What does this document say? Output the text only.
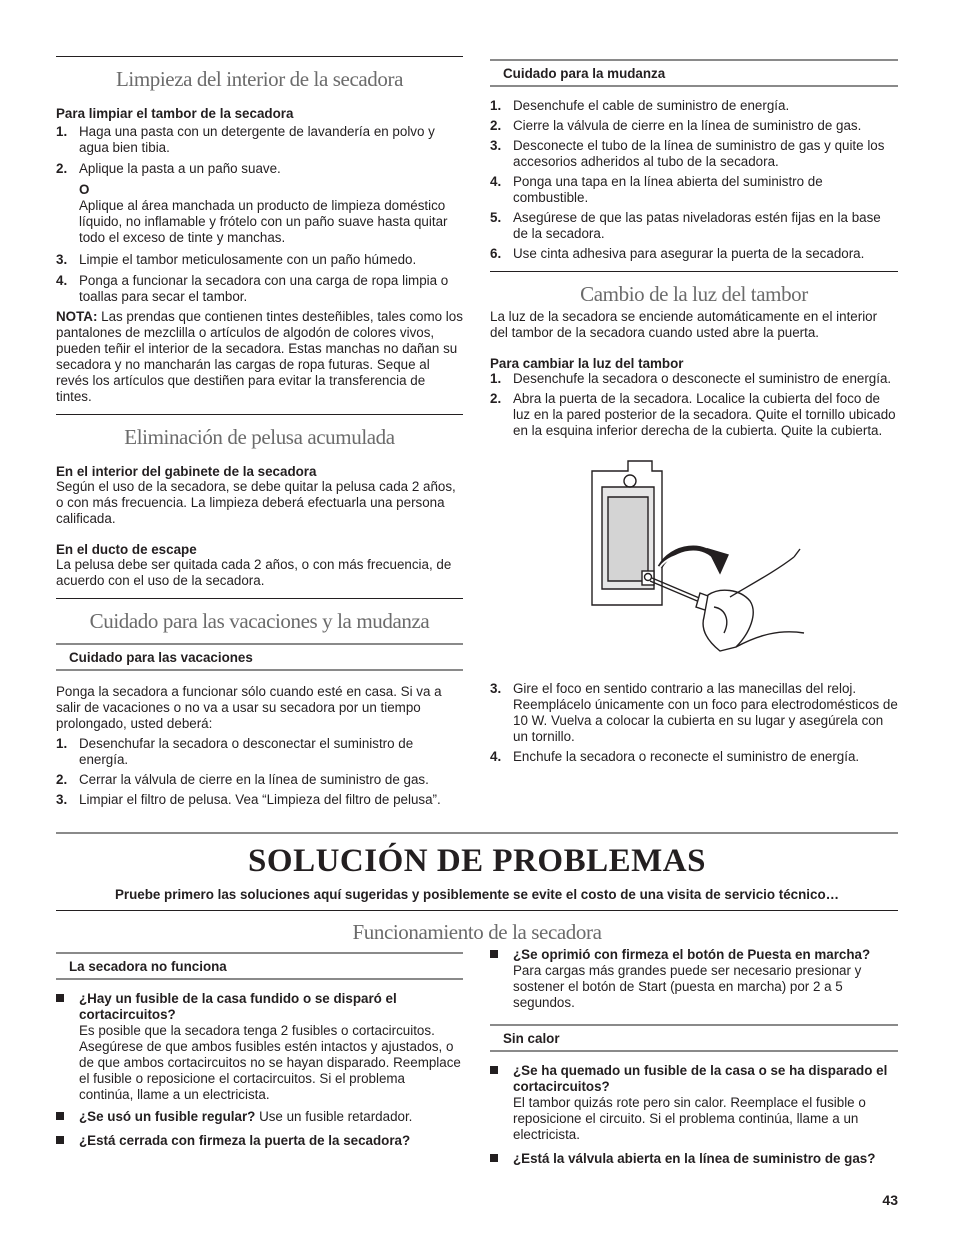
Limpieza del interior de la secadora
Para limpiar el tambor de la secadora
1. Haga una pasta con un detergente de lavandería en polvo y agua bien tibia.
2. Aplique la pasta a un paño suave.
O
Aplique al área manchada un producto de limpieza doméstico líquido, no inflamable y frótelo con un paño suave hasta quitar todo el exceso de tinte y manchas.
3. Limpie el tambor meticulosamente con un paño húmedo.
4. Ponga a funcionar la secadora con una carga de ropa limpia o toallas para secar el tambor.

NOTA: Las prendas que contienen tintes desteñibles, tales como los pantalones de mezclilla o artículos de algodón de colores vivos, pueden teñir el interior de la secadora. Estas manchas no dañan su secadora y no mancharán las cargas de ropa futuras. Seque al revés los artículos que destiñen para evitar la transferencia de tintes.

Eliminación de pelusa acumulada
En el interior del gabinete de la secadora

Según el uso de la secadora, se debe quitar la pelusa cada 2 años, o con más frecuencia. La limpieza deberá efectuarla una persona calificada.

En el ducto de escape

La pelusa debe ser quitada cada 2 años, o con más frecuencia, de acuerdo con el uso de la secadora.

Cuidado para las vacaciones y la mudanza
Cuidado para las vacaciones

Ponga la secadora a funcionar sólo cuando esté en casa. Si va a salir de vacaciones o no va a usar su secadora por un tiempo prolongado, usted deberá:

1. Desenchufar la secadora o desconectar el suministro de energía.
2. Cerrar la válvula de cierre en la línea de suministro de gas.
3. Limpiar el filtro de pelusa. Vea “Limpieza del filtro de pelusa”.
Cuidado para la mudanza
1. Desenchufe el cable de suministro de energía.
2. Cierre la válvula de cierre en la línea de suministro de gas.
3. Desconecte el tubo de la línea de suministro de gas y quite los accesorios adheridos al tubo de la secadora.
4. Ponga una tapa en la línea abierta del suministro de combustible.
5. Asegúrese de que las patas niveladoras estén fijas en la base de la secadora.
6. Use cinta adhesiva para asegurar la puerta de la secadora.
Cambio de la luz del tambor

La luz de la secadora se enciende automáticamente en el interior del tambor de la secadora cuando usted abre la puerta.

Para cambiar la luz del tambor
1. Desenchufe la secadora o desconecte el suministro de energía.
2. Abra la puerta de la secadora. Localice la cubierta del foco de luz en la pared posterior de la secadora. Quite el tornillo ubicado en la esquina inferior derecha de la cubierta. Quite la cubierta.
3. Gire el foco en sentido contrario a las manecillas del reloj. Reemplácelo únicamente con un foco para electrodomésticos de 10 W. Vuelva a colocar la cubierta en su lugar y asegúrela con un tornillo.
4. Enchufe la secadora o reconecte el suministro de energía.
SOLUCIÓN DE PROBLEMAS
Pruebe primero las soluciones aquí sugeridas y posiblemente se evite el costo de una visita de servicio técnico…
Funcionamiento de la secadora
La secadora no funciona
¿Hay un fusible de la casa fundido o se disparó el cortacircuitos?
Es posible que la secadora tenga 2 fusibles o cortacircuitos. Asegúrese de que ambos fusibles estén intactos y ajustados, o de que ambos cortacircuitos no se hayan disparado. Reemplace el fusible o reposicione el cortacircuitos. Si el problema continúa, llame a un electricista.
¿Se usó un fusible regular? Use un fusible retardador.
¿Está cerrada con firmeza la puerta de la secadora?
¿Se oprimió con firmeza el botón de Puesta en marcha?
Para cargas más grandes puede ser necesario presionar y sostener el botón de Start (puesta en marcha) por 2 a 5 segundos.
Sin calor
¿Se ha quemado un fusible de la casa o se ha disparado el cortacircuitos?
El tambor quizás rote pero sin calor. Reemplace el fusible o reposicione el circuito. Si el problema continúa, llame a un electricista.
¿Está la válvula abierta en la línea de suministro de gas?
43
